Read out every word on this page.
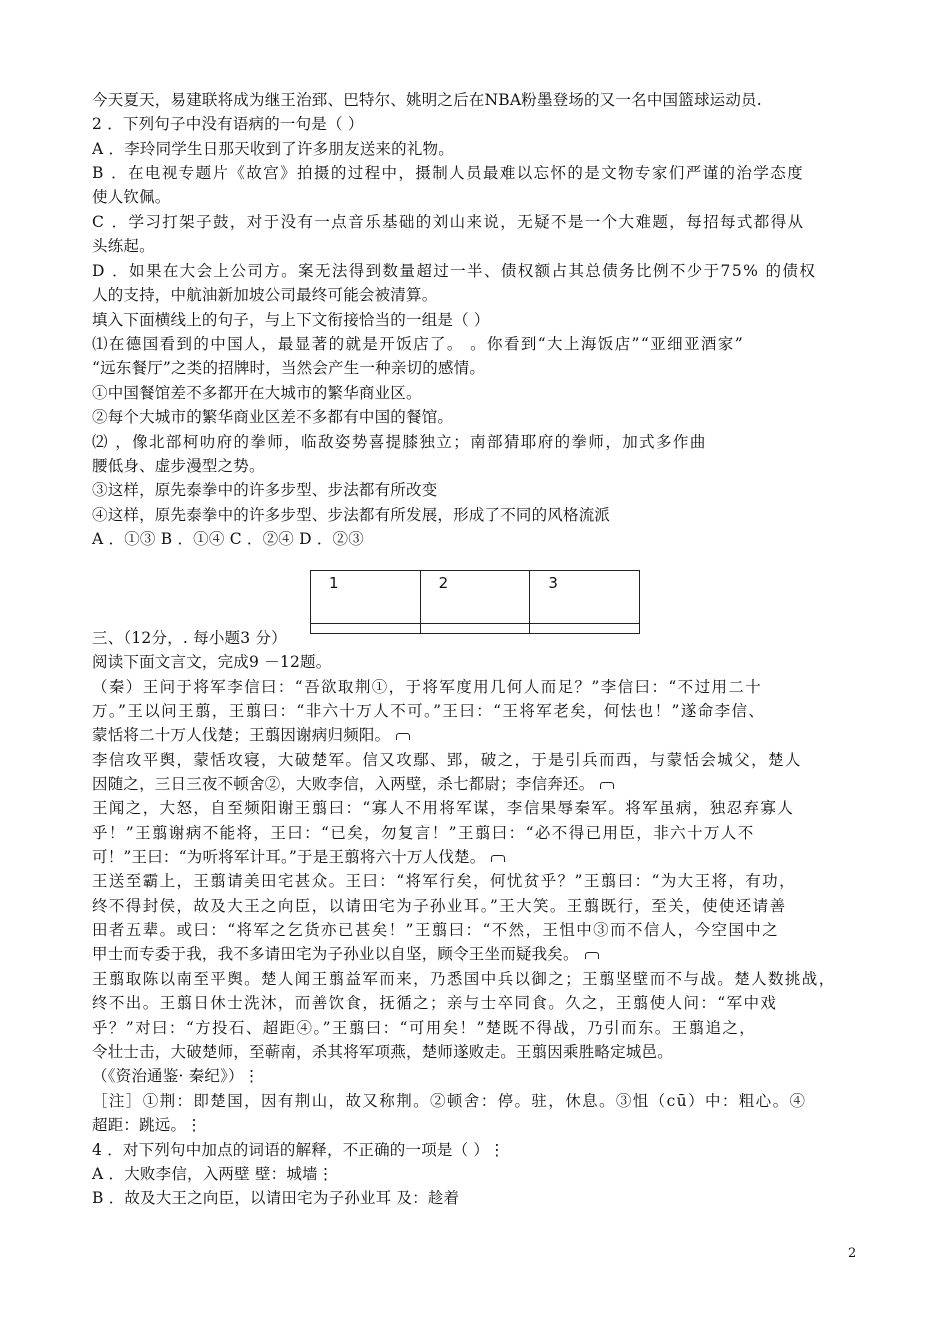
今天夏天，易建联将成为继王治郅、巴特尔、姚明之后在NBA粉墨登场的又一名中国篮球运动员.
2 ．下列句子中没有语病的一句是（ ）
A ．李玲同学生日那天收到了许多朋友送来的礼物。
B ．在电视专题片《故宫》拍摄的过程中，摄制人员最难以忘怀的是文物专家们严谨的治学态度
使人钦佩。
C ．学习打架子鼓，对于没有一点音乐基础的刘山来说，无疑不是一个大难题，每招每式都得从
头练起。
D ．如果在大会上公司方。案无法得到数量超过一半、债权额占其总债务比例不少于75% 的债权
人的支持，中航油新加坡公司最终可能会被清算。
填入下面横线上的句子，与上下文衔接恰当的一组是（ ）
⑴在德国看到的中国人，最显著的就是开饭店了。 。你看到“大上海饭店”“亚细亚酒家”
“远东餐厅”之类的招牌时，当然会产生一种亲切的感情。
①中国餐馆差不多都开在大城市的繁华商业区。
②每个大城市的繁华商业区差不多都有中国的餐馆。
⑵ ，像北部柯叻府的拳师，临敌姿势喜提膝独立；南部猜耶府的拳师，加式多作曲
腰低身、虚步漫型之势。
③这样，原先泰拳中的许多步型、步法都有所改变
④这样，原先泰拳中的许多步型、步法都有所发展，形成了不同的风格流派
A ．①③ B ．①④ C ．②④ D ．②③
三、（12分，. 每小题3 分）
阅读下面文言文，完成9 －12题。
（秦）王问于将军李信曰：“吾欲取荆①，于将军度用几何人而足？”李信曰：“不过用二十
万。”王以问王翦，王翦曰：“非六十万人不可。”王曰：“王将军老矣，何怯也！”遂命李信、
蒙恬将二十万人伐楚；王翦因谢病归频阳。
李信攻平舆，蒙恬攻寝，大破楚军。信又攻鄢、郢，破之，于是引兵而西，与蒙恬会城父，楚人
因随之，三日三夜不顿舍②，大败李信，入两壁，杀七都尉；李信奔还。
王闻之，大怒，自至频阳谢王翦曰：“寡人不用将军谋，李信果辱秦军。将军虽病，独忍弃寡人
乎！”王翦谢病不能将，王曰：“已矣，勿复言！”王翦曰：“必不得已用臣，非六十万人不
可！”王曰：“为听将军计耳。”于是王翦将六十万人伐楚。
王送至霸上，王翦请美田宅甚众。王曰：“将军行矣，何忧贫乎？”王翦曰：“为大王将，有功，
终不得封侯，故及大王之向臣，以请田宅为子孙业耳。”王大笑。王翦既行，至关，使使还请善
田者五辈。或曰：“将军之乞货亦已甚矣！”王翦曰：“不然，王怚中③而不信人，今空国中之
甲士而专委于我，我不多请田宅为子孙业以自坚，顾令王坐而疑我矣。
王翦取陈以南至平舆。楚人闻王翦益军而来，乃悉国中兵以御之；王翦坚壁而不与战。楚人数挑战，
终不出。王翦日休士洗沐，而善饮食，抚循之；亲与士卒同食。久之，王翦使人问：“军中戏
乎？”对曰：“方投石、超距④。”王翦曰：“可用矣！”楚既不得战，乃引而东。王翦追之，
令壮士击，大破楚师，至蕲南，杀其将军项燕，楚师遂败走。王翦因乘胜略定城邑。
（《资治通鉴· 秦纪》）⋮
［注］①荆：即楚国，因有荆山，故又称荆。②顿舍：停。驻，休息。③怚（cū）中：粗心。④
超距：跳远。⋮
4 ．对下列句中加点的词语的解释，不正确的一项是（ ）⋮
A ．大败李信，入两壁 壁：城墙⋮
B ．故及大王之向臣，以请田宅为子孙业耳 及：趁着
1	2	3

2
